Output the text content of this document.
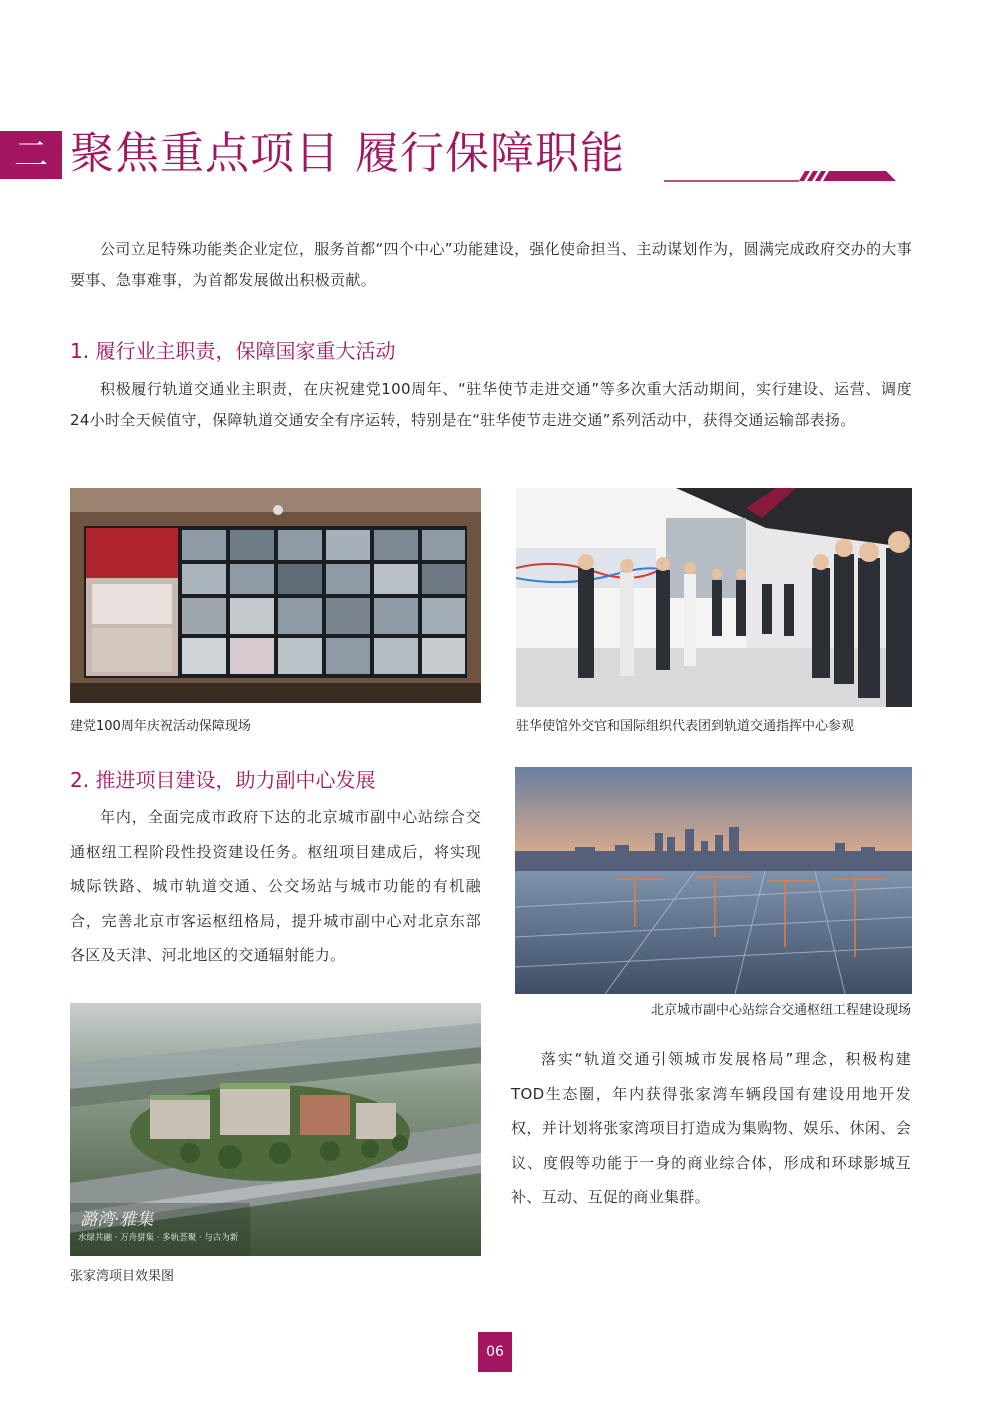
二 聚焦重点项目 履行保障职能

公司立足特殊功能类企业定位，服务首都“四个中心”功能建设，强化使命担当、主动谋划作为，圆满完成政府交办的大事要事、急事难事，为首都发展做出积极贡献。

1. 履行业主职责，保障国家重大活动

积极履行轨道交通业主职责，在庆祝建党100周年、“驻华使节走进交通”等多次重大活动期间，实行建设、运营、调度24小时全天候值守，保障轨道交通安全有序运转，特别是在“驻华使节走进交通”系列活动中，获得交通运输部表扬。

建党100周年庆祝活动保障现场	驻华使馆外交官和国际组织代表团到轨道交通指挥中心参观
2. 推进项目建设，助力副中心发展

年内，全面完成市政府下达的北京城市副中心站综合交通枢纽工程阶段性投资建设任务。枢纽项目建成后，将实现城际铁路、城市轨道交通、公交场站与城市功能的有机融合，完善北京市客运枢纽格局，提升城市副中心对北京东部各区及天津、河北地区的交通辐射能力。

北京城市副中心站综合交通枢纽工程建设现场

落实“轨道交通引领城市发展格局”理念，积极构建TOD生态圈，年内获得张家湾车辆段国有建设用地开发权，并计划将张家湾项目打造成为集购物、娱乐、休闲、会议、度假等功能于一身的商业综合体，形成和环球影城互补、互动、互促的商业集群。

潞湾·雅集
水绿共融 · 万舟骈集 · 多轨荟聚 · 与古为新
张家湾项目效果图
06
